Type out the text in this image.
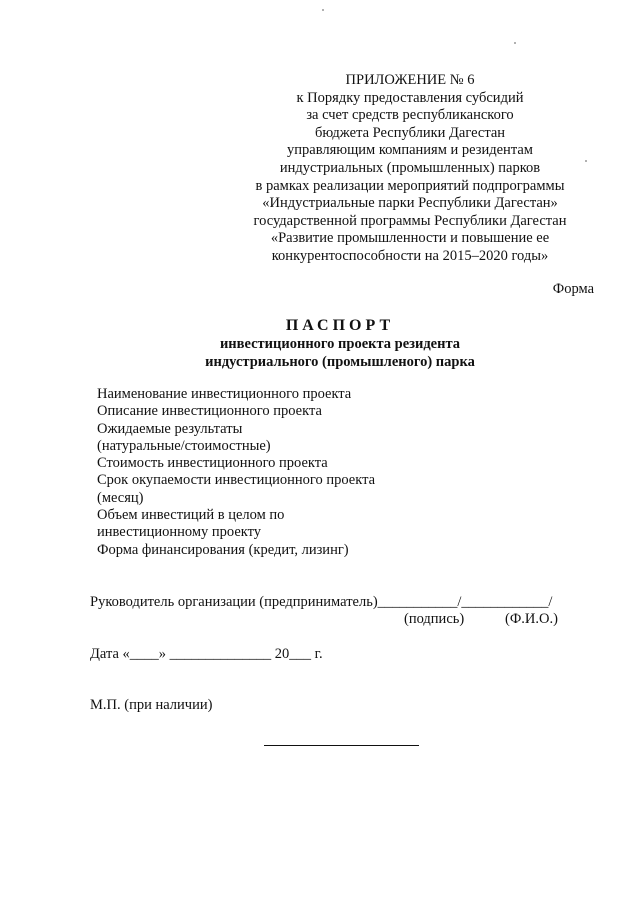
ПРИЛОЖЕНИЕ № 6
к Порядку предоставления субсидий
за счет средств республиканского
бюджета Республики Дагестан
управляющим компаниям и резидентам
индустриальных (промышленных) парков
в рамках реализации мероприятий подпрограммы
«Индустриальные парки Республики Дагестан»
государственной программы Республики Дагестан
«Развитие промышленности и повышение ее
конкурентоспособности на 2015–2020 годы»
Форма
ПАСПОРТ
инвестиционного проекта резидента
индустриального (промышленого) парка
Наименование инвестиционного проекта
Описание инвестиционного проекта
Ожидаемые результаты
(натуральные/стоимостные)
Стоимость инвестиционного проекта
Срок окупаемости инвестиционного проекта
(месяц)
Объем инвестиций в целом по
инвестиционному проекту
Форма финансирования (кредит, лизинг)
Руководитель организации (предприниматель)___________/____________/
(подпись)	(Ф.И.О.)
Дата «____» ______________ 20___ г.
М.П. (при наличии)
